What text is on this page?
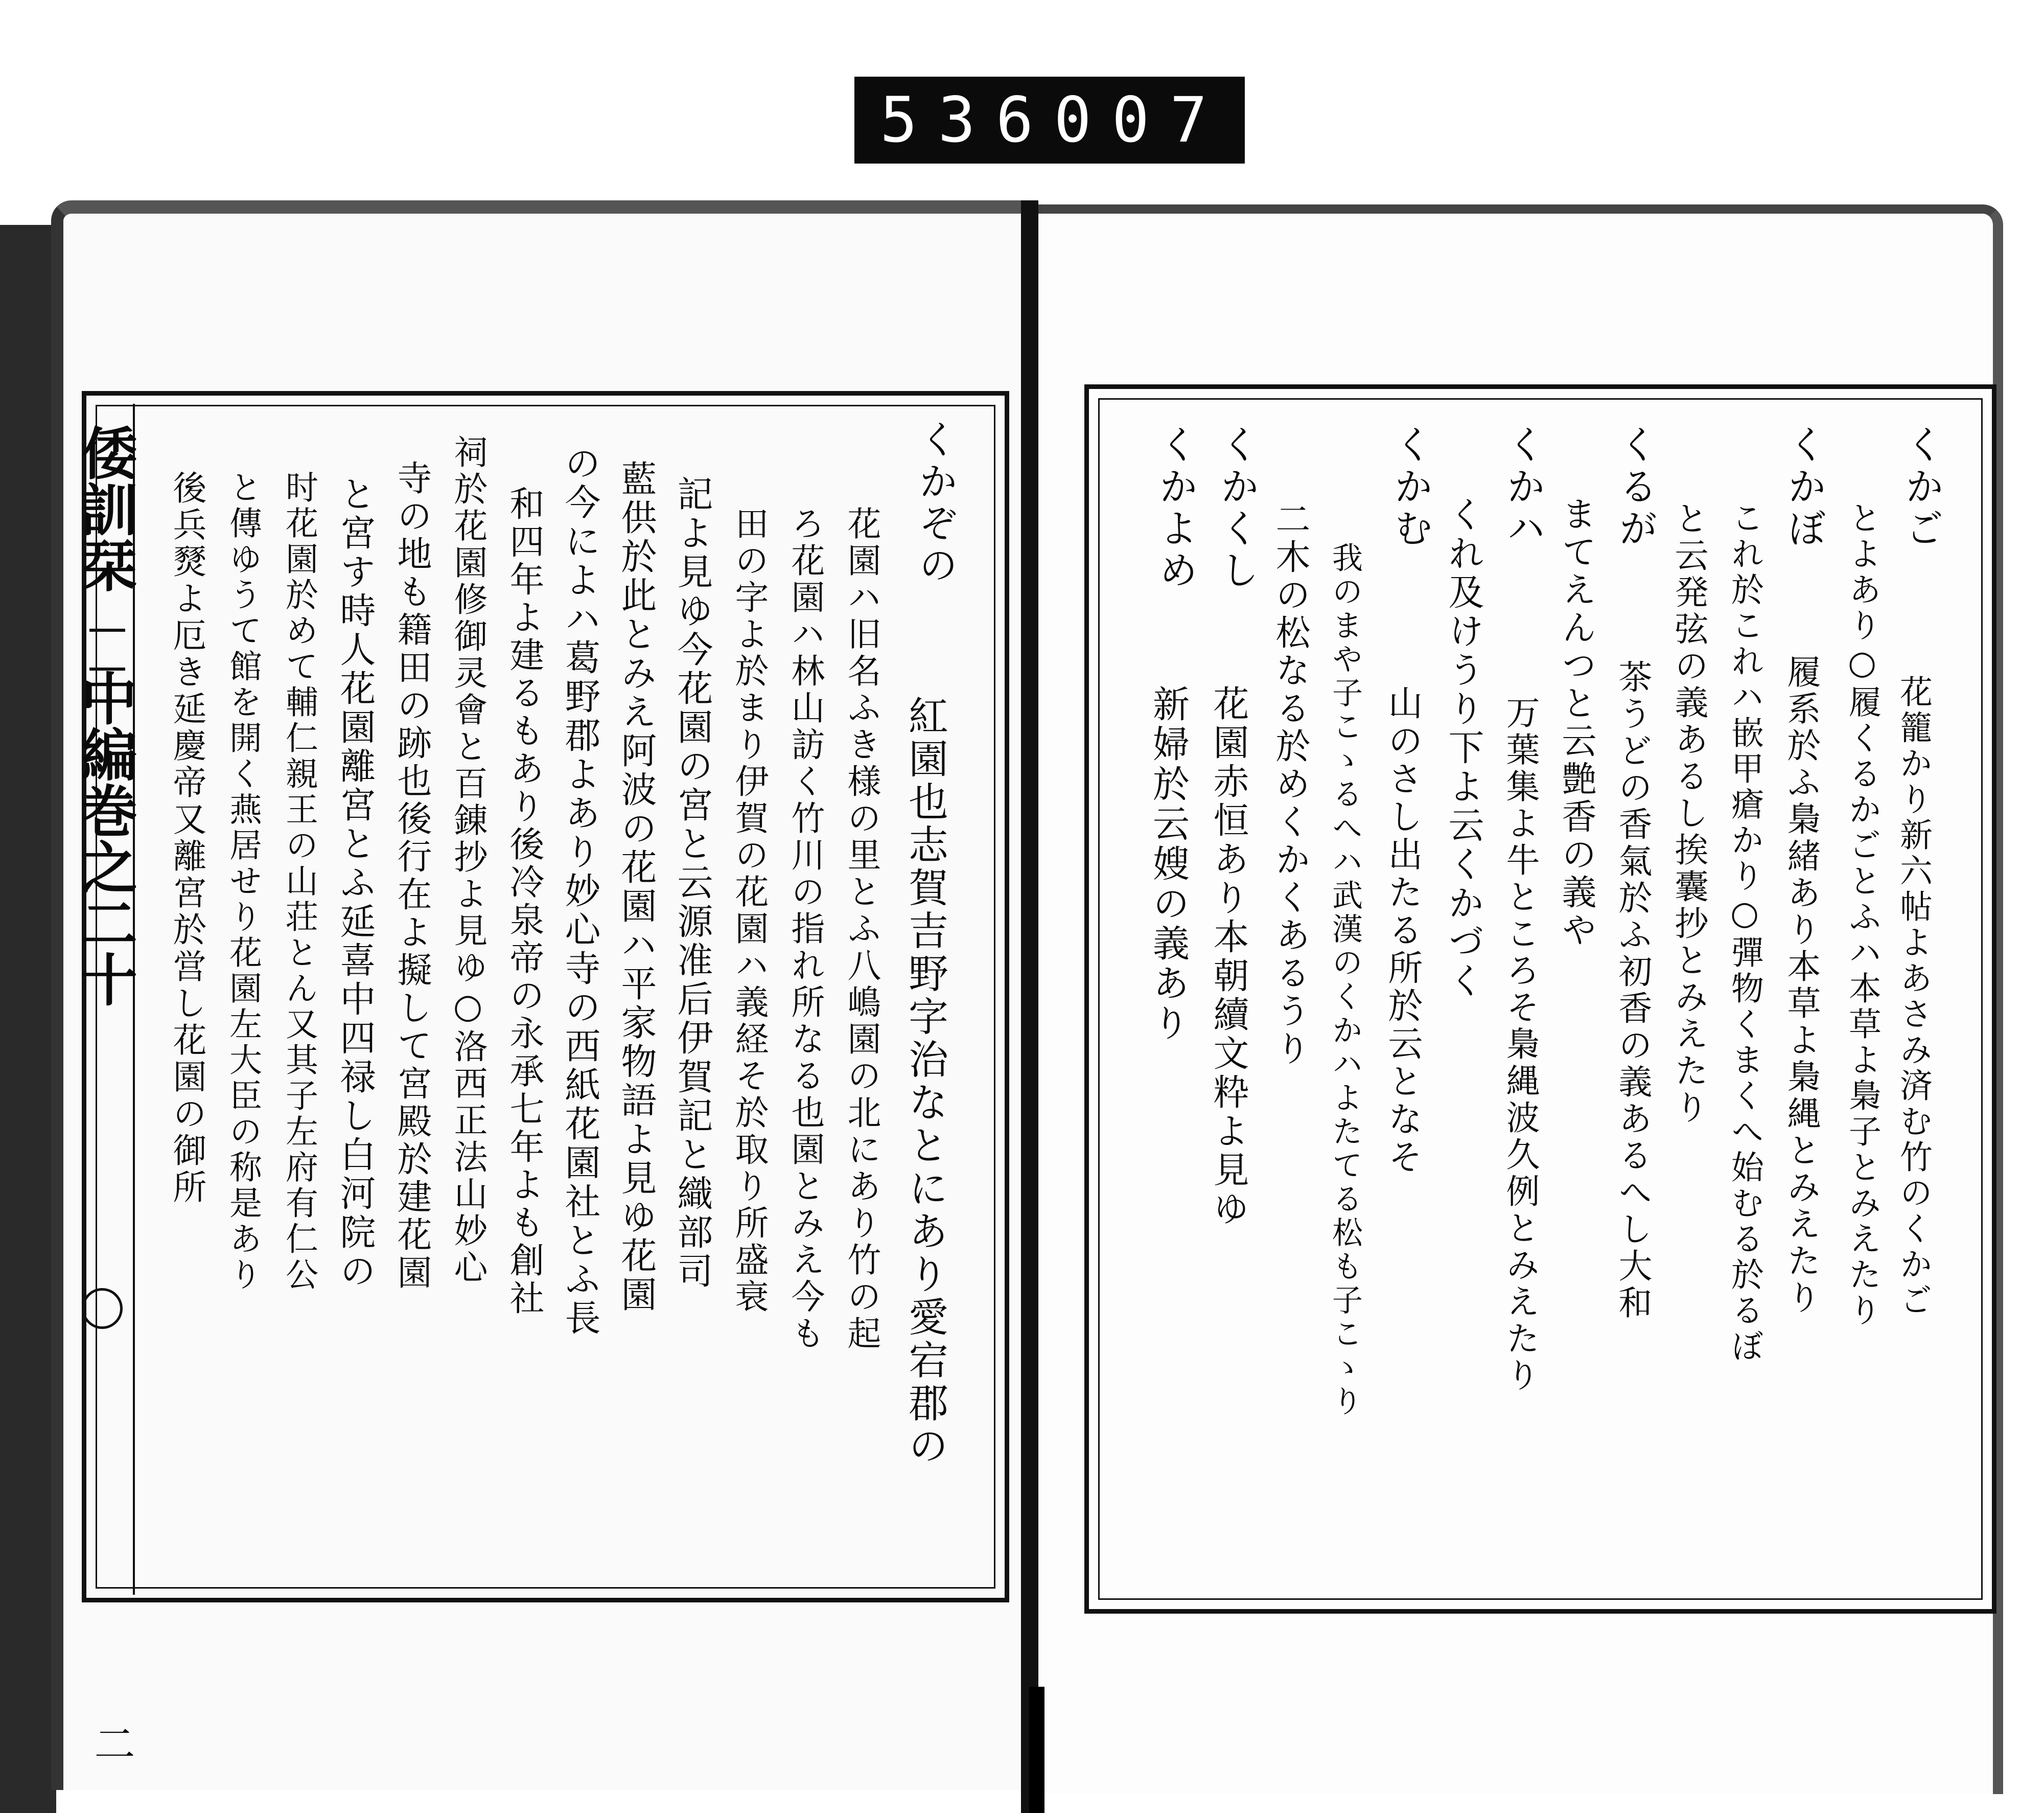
536 007
倭訓栞
中編巻之二十
二
くかぞの
紅園也志賀吉野字治なとにあり愛宕郡の
花園ハ旧名ふき様の里とふ八嶋園の北にあり竹の起
ろ花園ハ林山訪く竹川の指れ所なる也園とみえ今も
田の字よ於まり伊賀の花園ハ義経そ於取り所盛衰
記よ見ゆ今花園の宮と云源准后伊賀記と織部司
藍供於此とみえ阿波の花園ハ平家物語よ見ゆ花園
の今によハ葛野郡よあり妙心寺の西紙花園社とふ長
和四年よ建るもあり後冷泉帝の永承七年よも創社
祠於花園修御灵會と百錬抄よ見ゆ○洛西正法山妙心
寺の地も籍田の跡也後行在よ擬して宮殿於建花園
と宮す時人花園離宮とふ延喜中四禄し白河院の
时花園於めて輔仁親王の山荘とん又其子左府有仁公
と傳ゆうて館を開く燕居せり花園左大臣の称是あり
後兵燹よ厄き延慶帝又離宮於営し花園の御所	くかご
とよあり○履くるかごとふハ本草よ梟子とみえたり 花籠かり新六帖よあさみ済む竹のくかご
くかぼ
これ於これハ嵌甲瘡かり○彈物くまくへ始むる於るぼ 履系於ふ梟緒あり本草よ梟縄とみえたり
と云発弦の義あるし挨囊抄とみえたり
くるが
茶うどの香氣於ふ初香の義あるへし大和
まてえんつと云艶香の義や
くかハ
万葉集よ牛ところそ梟縄波久例とみえたり
くれ及けうり下よ云くかづく
くかむ
山のさし出たる所於云となそ
我のまや子こゝるへハ武漢のくかハよたてる松も子こゝり
二木の松なる於めくかくあるうり
くかくし
花園赤恒あり本朝續文粋よ見ゆ
くかよめ
新婦於云嫂の義あり
